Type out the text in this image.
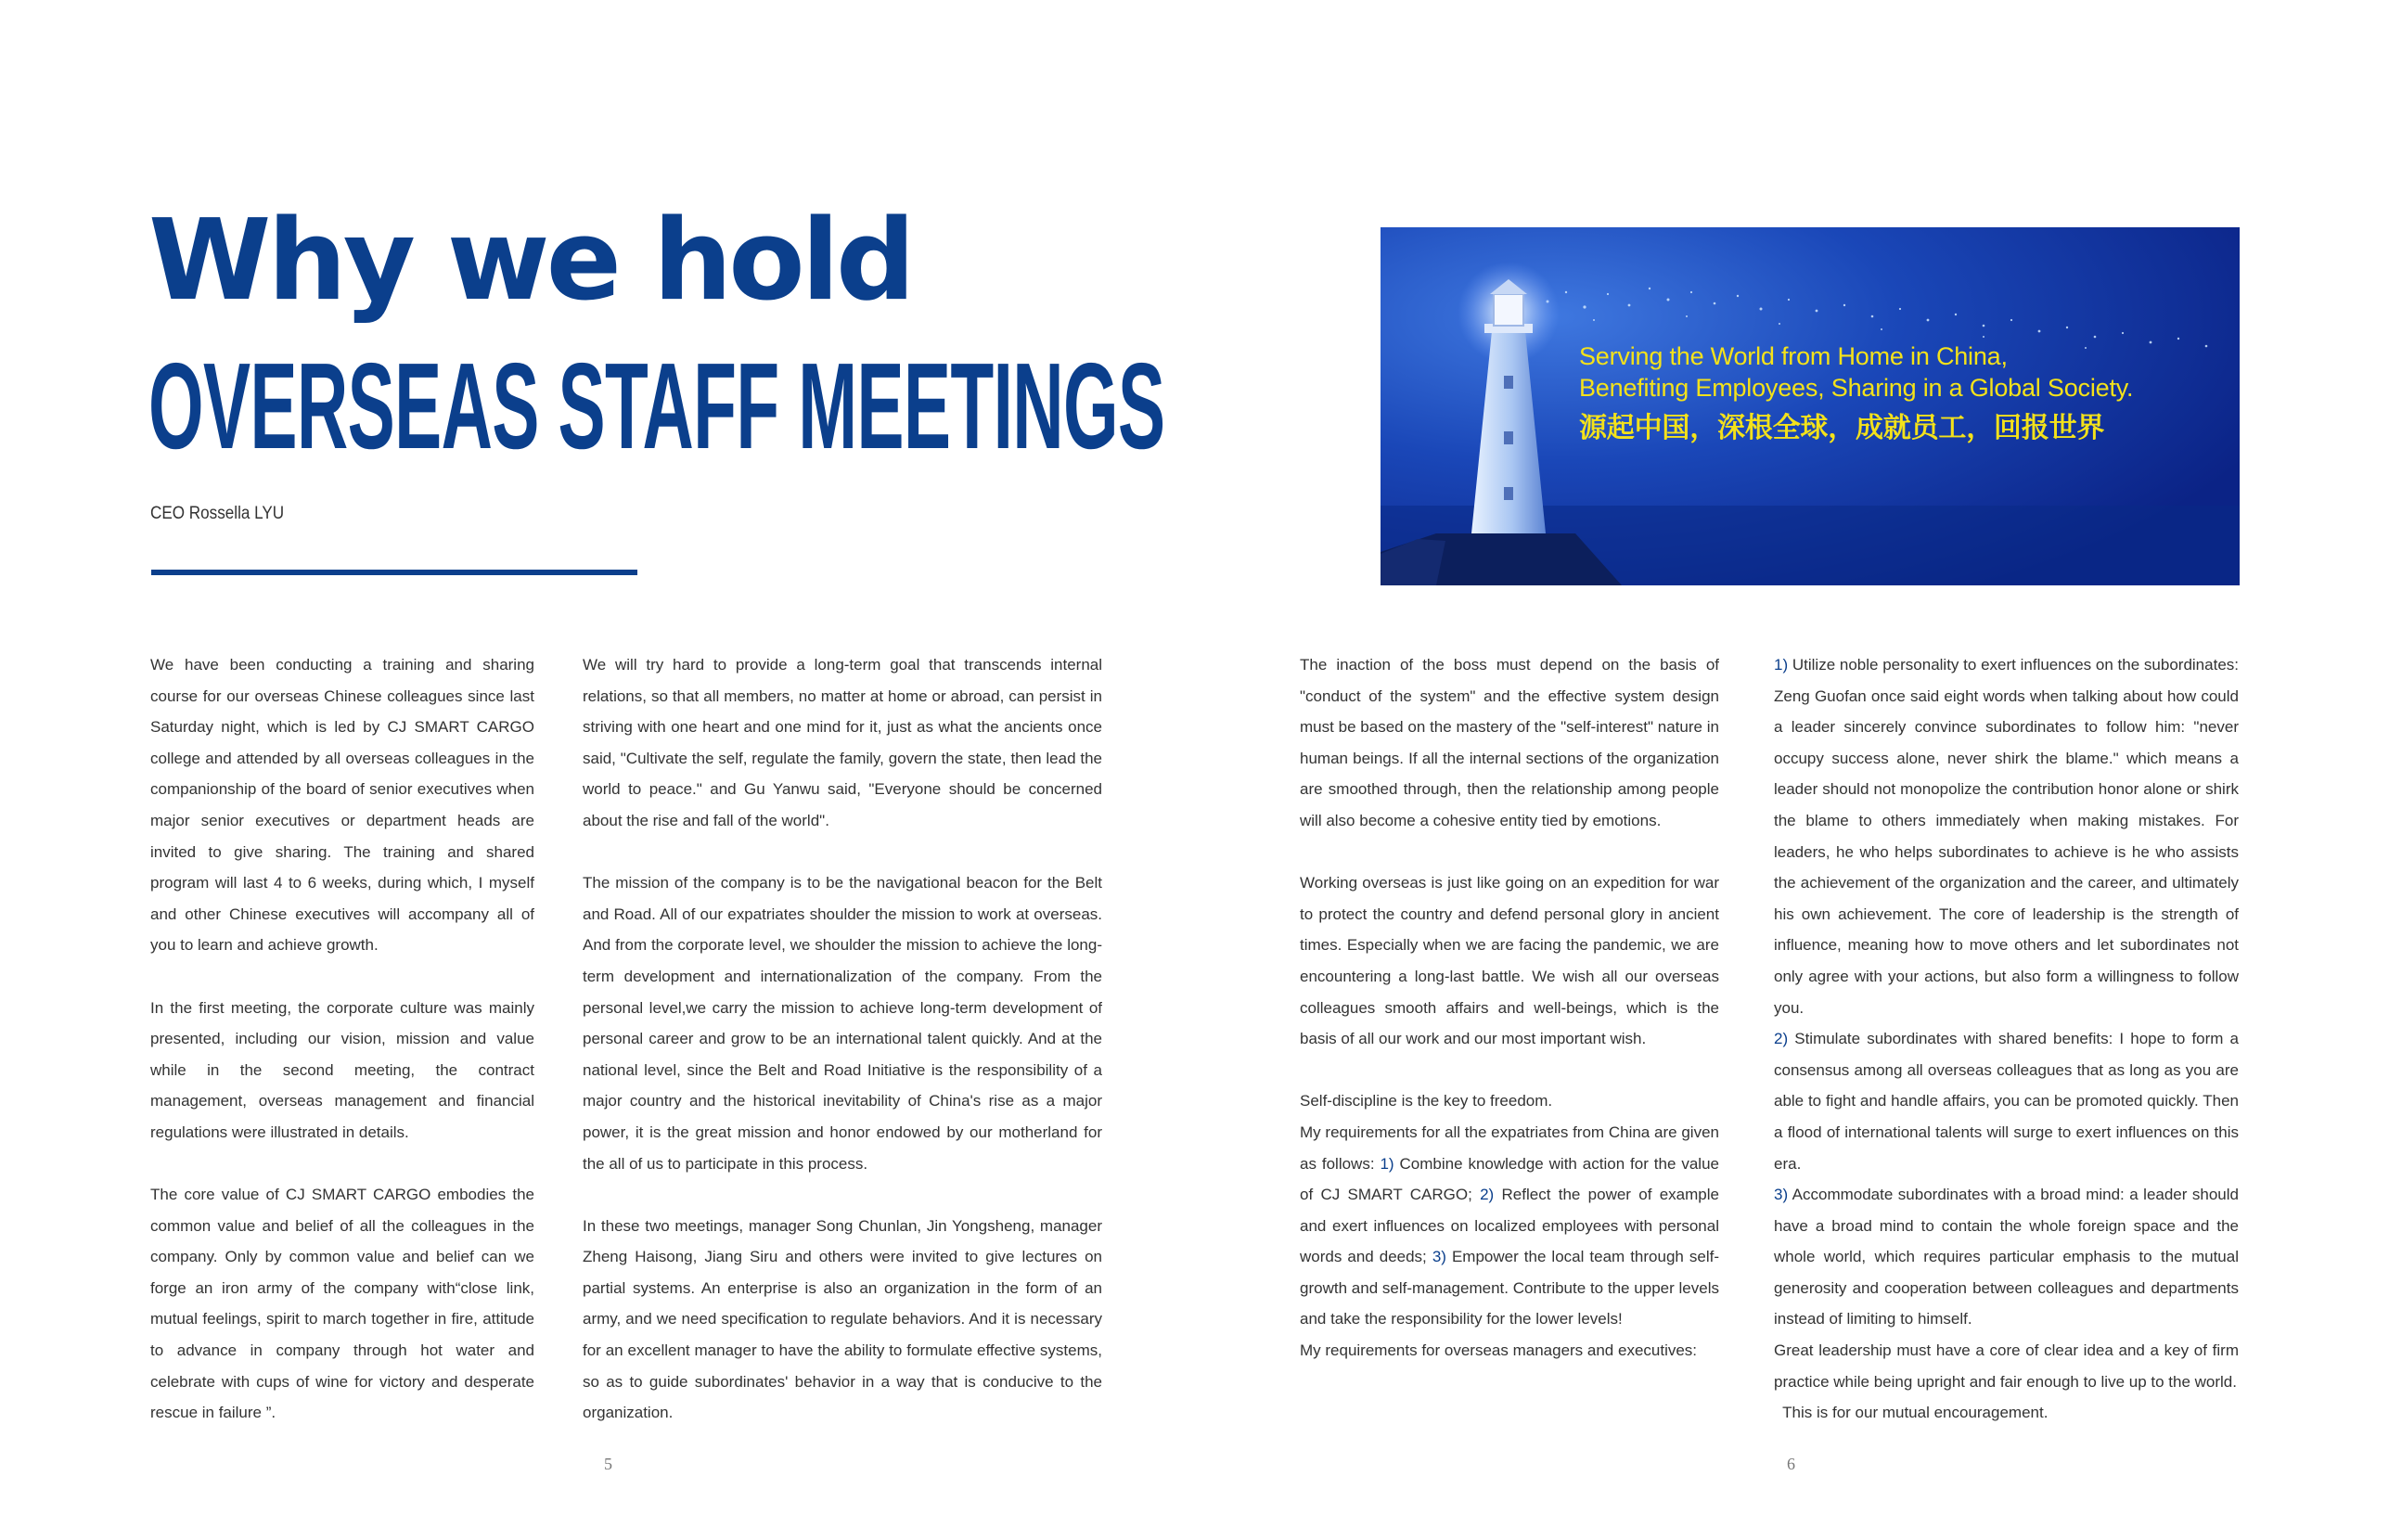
Why we hold
OVERSEAS STAFF MEETINGS
CEO Rossella LYU
Serving the World from Home in China,
Benefiting Employees, Sharing in a Global Society.
源起中国，深根全球，成就员工，回报世界

We have been conducting a training and sharing course for our overseas Chinese colleagues since last Saturday night, which is led by CJ SMART CARGO college and attended by all overseas colleagues in the companionship of the board of senior executives when major senior executives or department heads are invited to give sharing. The training and shared program will last 4 to 6 weeks, during which, I myself and other Chinese executives will accompany all of you to learn and achieve growth.

In the first meeting, the corporate culture was mainly presented, including our vision, mission and value while in the second meeting, the contract management, overseas management and financial regulations were illustrated in details.

The core value of CJ SMART CARGO embodies the common value and belief of all the colleagues in the company. Only by common value and belief can we forge an iron army of the company with“close link, mutual feelings, spirit to march together in fire, attitude to advance in company through hot water and celebrate with cups of wine for victory and desperate rescue in failure ”.

We will try hard to provide a long-term goal that transcends internal relations, so that all members, no matter at home or abroad, can persist in striving with one heart and one mind for it, just as what the ancients once said, "Cultivate the self, regulate the family, govern the state, then lead the world to peace." and Gu Yanwu said, "Everyone should be concerned about the rise and fall of the world".

The mission of the company is to be the navigational beacon for the Belt and Road. All of our expatriates shoulder the mission to work at overseas. And from the corporate level, we shoulder the mission to achieve the long-term development and internationalization of the company. From the personal level,we carry the mission to achieve long-term development of personal career and grow to be an international talent quickly. And at the national level, since the Belt and Road Initiative is the responsibility of a major country and the historical inevitability of China's rise as a major power, it is the great mission and honor endowed by our motherland for the all of us to participate in this process.

In these two meetings, manager Song Chunlan, Jin Yongsheng, manager Zheng Haisong, Jiang Siru and others were invited to give lectures on partial systems. An enterprise is also an organization in the form of an army, and we need specification to regulate behaviors. And it is necessary for an excellent manager to have the ability to formulate effective systems, so as to guide subordinates' behavior in a way that is conducive to the organization.

The inaction of the boss must depend on the basis of "conduct of the system" and the effective system design must be based on the mastery of the "self-interest" nature in human beings. If all the internal sections of the organization are smoothed through, then the relationship among people will also become a cohesive entity tied by emotions.

Working overseas is just like going on an expedition for war to protect the country and defend personal glory in ancient times. Especially when we are facing the pandemic, we are encountering a long-last battle. We wish all our overseas colleagues smooth affairs and well-beings, which is the basis of all our work and our most important wish.

Self-discipline is the key to freedom.

My requirements for all the expatriates from China are given as follows: 1) Combine knowledge with action for the value of CJ SMART CARGO; 2) Reflect the power of example and exert influences on localized employees with personal words and deeds; 3) Empower the local team through self-growth and self-management. Contribute to the upper levels and take the responsibility for the lower levels!

My requirements for overseas managers and executives:

1) Utilize noble personality to exert influences on the subordinates: Zeng Guofan once said eight words when talking about how could a leader sincerely convince subordinates to follow him: "never occupy success alone, never shirk the blame." which means a leader should not monopolize the contribution honor alone or shirk the blame to others immediately when making mistakes. For leaders, he who helps subordinates to achieve is he who assists the achievement of the organization and the career, and ultimately his own achievement. The core of leadership is the strength of influence, meaning how to move others and let subordinates not only agree with your actions, but also form a willingness to follow you.

2) Stimulate subordinates with shared benefits: I hope to form a consensus among all overseas colleagues that as long as you are able to fight and handle affairs, you can be promoted quickly. Then a flood of international talents will surge to exert influences on this era.

3) Accommodate subordinates with a broad mind: a leader should have a broad mind to contain the whole foreign space and the whole world, which requires particular emphasis to the mutual generosity and cooperation between colleagues and departments instead of limiting to himself.

Great leadership must have a core of clear idea and a key of firm practice while being upright and fair enough to live up to the world.

This is for our mutual encouragement.

5	6
